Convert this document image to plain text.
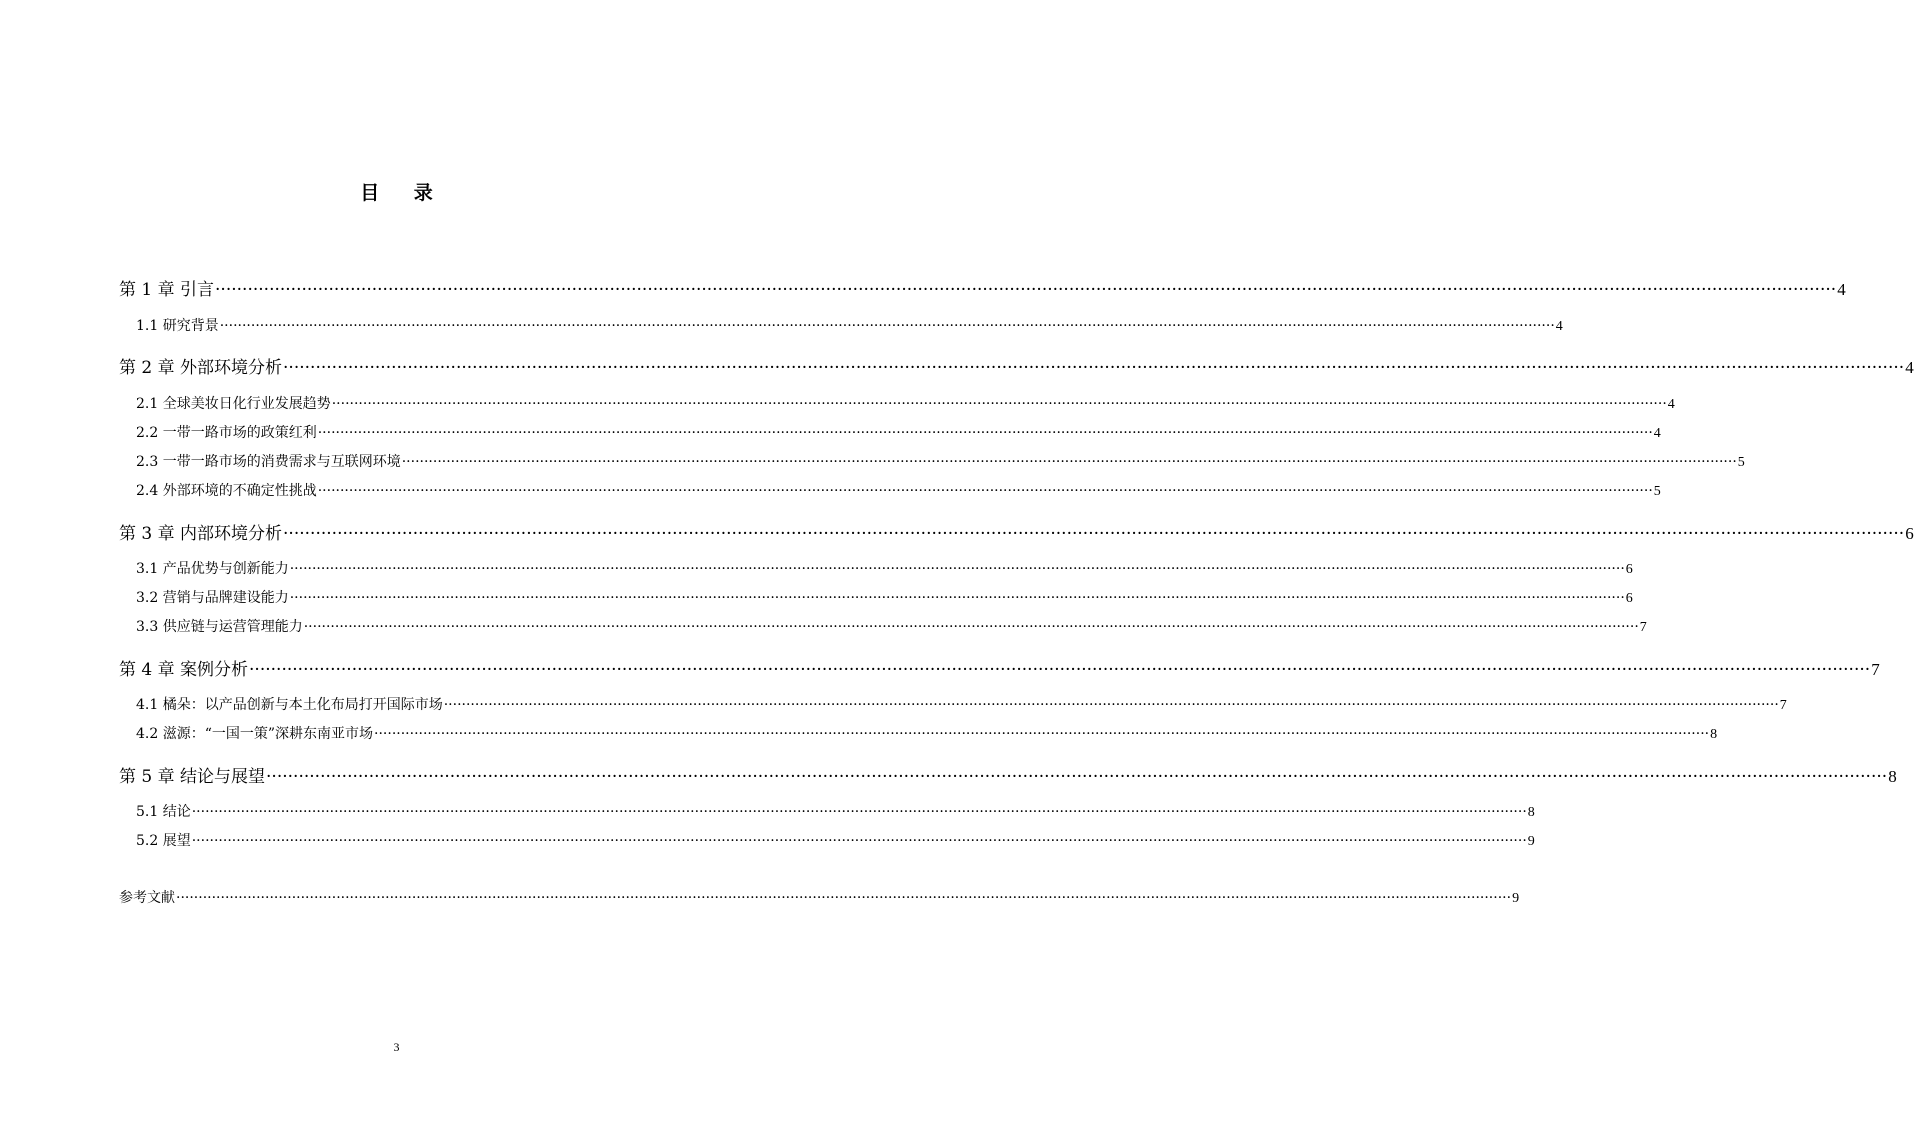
目 录
第 1 章 引言 ············································································································································································································································································································ 4
1.1 研究背景 ············································································································································································································································································································ 4
第 2 章 外部环境分析 ············································································································································································································································································································ 4
2.1 全球美妆日化行业发展趋势 ············································································································································································································································································································ 4
2.2 一带一路市场的政策红利 ············································································································································································································································································································ 4
2.3 一带一路市场的消费需求与互联网环境 ············································································································································································································································································································ 5
2.4 外部环境的不确定性挑战 ············································································································································································································································································································ 5
第 3 章 内部环境分析 ············································································································································································································································································································ 6
3.1 产品优势与创新能力 ············································································································································································································································································································ 6
3.2 营销与品牌建设能力 ············································································································································································································································································································ 6
3.3 供应链与运营管理能力 ············································································································································································································································································································ 7
第 4 章 案例分析 ············································································································································································································································································································ 7
4.1 橘朵：以产品创新与本土化布局打开国际市场 ············································································································································································································································································································ 7
4.2 滋源：“一国一策”深耕东南亚市场 ············································································································································································································································································································ 8
第 5 章 结论与展望 ············································································································································································································································································································ 8
5.1 结论 ············································································································································································································································································································ 8
5.2 展望 ············································································································································································································································································································ 9
参考文献 ············································································································································································································································································································ 9
3
